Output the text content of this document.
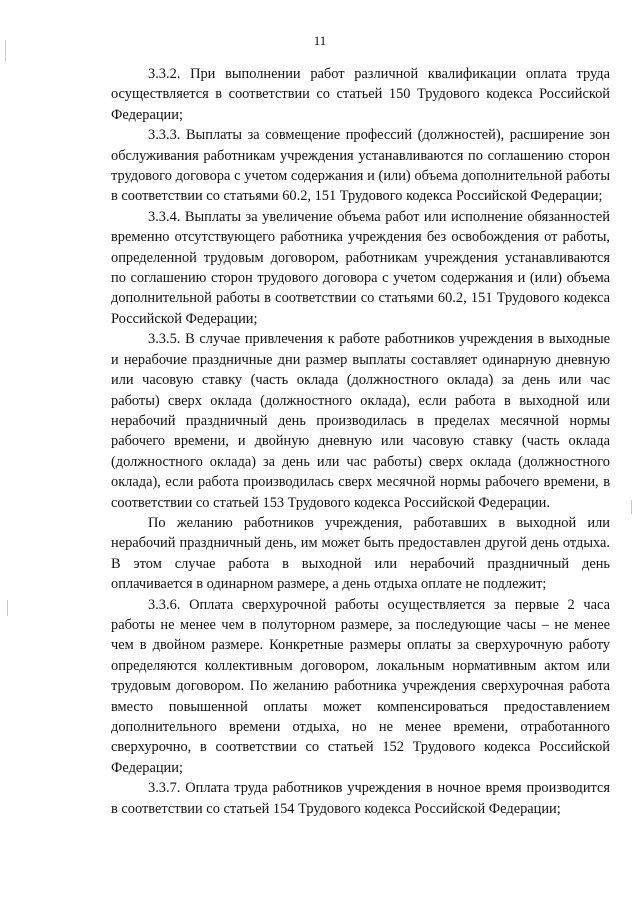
11

3.3.2. При выполнении работ различной квалификации оплата труда осуществляется в соответствии со статьей 150 Трудового кодекса Российской Федерации;

3.3.3. Выплаты за совмещение профессий (должностей), расширение зон обслуживания работникам учреждения устанавливаются по соглашению сторон трудового договора с учетом содержания и (или) объема дополнительной работы в соответствии со статьями 60.2, 151 Трудового кодекса Российской Федерации;

3.3.4. Выплаты за увеличение объема работ или исполнение обязанностей временно отсутствующего работника учреждения без освобождения от работы, определенной трудовым договором, работникам учреждения устанавливаются по соглашению сторон трудового договора с учетом содержания и (или) объема дополнительной работы в соответствии со статьями 60.2, 151 Трудового кодекса Российской Федерации;

3.3.5. В случае привлечения к работе работников учреждения в выходные и нерабочие праздничные дни размер выплаты составляет одинарную дневную или часовую ставку (часть оклада (должностного оклада) за день или час работы) сверх оклада (должностного оклада), если работа в выходной или нерабочий праздничный день производилась в пределах месячной нормы рабочего времени, и двойную дневную или часовую ставку (часть оклада (должностного оклада) за день или час работы) сверх оклада (должностного оклада), если работа производилась сверх месячной нормы рабочего времени, в соответствии со статьей 153 Трудового кодекса Российской Федерации.

По желанию работников учреждения, работавших в выходной или нерабочий праздничный день, им может быть предоставлен другой день отдыха. В этом случае работа в выходной или нерабочий праздничный день оплачивается в одинарном размере, а день отдыха оплате не подлежит;

3.3.6. Оплата сверхурочной работы осуществляется за первые 2 часа работы не менее чем в полуторном размере, за последующие часы – не менее чем в двойном размере. Конкретные размеры оплаты за сверхурочную работу определяются коллективным договором, локальным нормативным актом или трудовым договором. По желанию работника учреждения сверхурочная работа вместо повышенной оплаты может компенсироваться предоставлением дополнительного времени отдыха, но не менее времени, отработанного сверхурочно, в соответствии со статьей 152 Трудового кодекса Российской Федерации;

3.3.7. Оплата труда работников учреждения в ночное время производится в соответствии со статьей 154 Трудового кодекса Российской Федерации;
